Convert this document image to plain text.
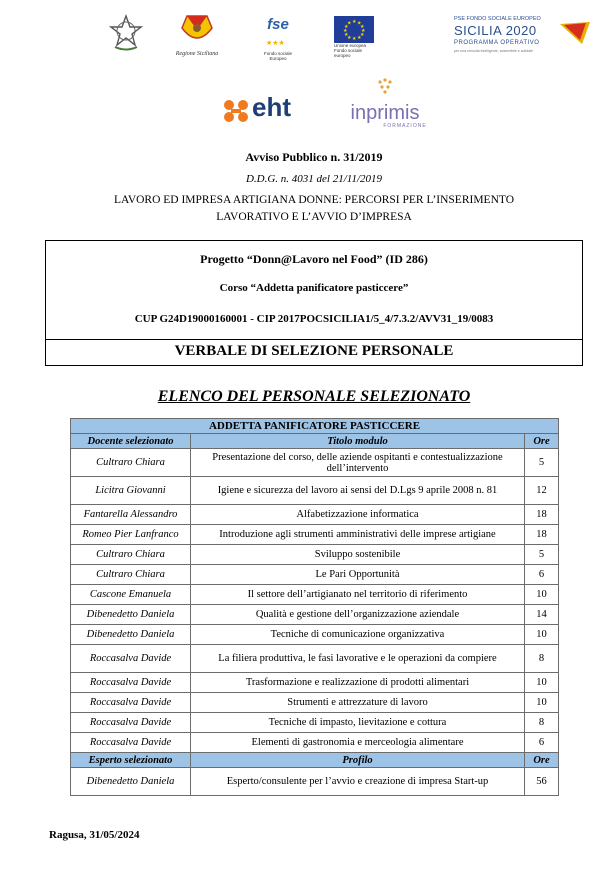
Regione Siciliana
fse
★★★
Fondo sociale Europeo
★ ★
★
★
★
★
★
★
★
★
★
★
Unione europea
Fondo sociale europeo
PSE FONDO SOCIALE EUROPEO
SICILIA 2020
PROGRAMMA OPERATIVO
per una crescita intelligente, sostenibile e solidale
eht	inprimis
FORMAZIONE
Avviso Pubblico n. 31/2019
D.D.G. n. 4031 del 21/11/2019
LAVORO ED IMPRESA ARTIGIANA DONNE: PERCORSI PER L’INSERIMENTO
LAVORATIVO E L’AVVIO D’IMPRESA
Progetto “Donn@Lavoro nel Food” (ID 286)
Corso “Addetta panificatore pasticcere”
CUP G24D19000160001 - CIP 2017POCSICILIA1/5_4/7.3.2/AVV31_19/0083
VERBALE DI SELEZIONE PERSONALE
ELENCO DEL PERSONALE SELEZIONATO
ADDETTA PANIFICATORE PASTICCERE		
Docente selezionato	Titolo modulo	Ore
Cultraro Chiara	Presentazione del corso, delle aziende ospitanti e contestualizzazione dell’intervento	5
Licitra Giovanni	Igiene e sicurezza del lavoro ai sensi del D.Lgs 9 aprile 2008 n. 81	12
Fantarella Alessandro	Alfabetizzazione informatica	18
Romeo Pier Lanfranco	Introduzione agli strumenti amministrativi delle imprese artigiane	18
Cultraro Chiara	Sviluppo sostenibile	5
Cultraro Chiara	Le Pari Opportunità	6
Cascone Emanuela	Il settore dell’artigianato nel territorio di riferimento	10
Dibenedetto Daniela	Qualità e gestione dell’organizzazione aziendale	14
Dibenedetto Daniela	Tecniche di comunicazione organizzativa	10
Roccasalva Davide	La filiera produttiva, le fasi lavorative e le operazioni da compiere	8
Roccasalva Davide	Trasformazione e realizzazione di prodotti alimentari	10
Roccasalva Davide	Strumenti e attrezzature di lavoro	10
Roccasalva Davide	Tecniche di impasto, lievitazione e cottura	8
Roccasalva Davide	Elementi di gastronomia e merceologia alimentare	6
Esperto selezionato	Profilo	Ore
Dibenedetto Daniela	Esperto/consulente per l’avvio e creazione di impresa Start-up	56
Ragusa, 31/05/2024
